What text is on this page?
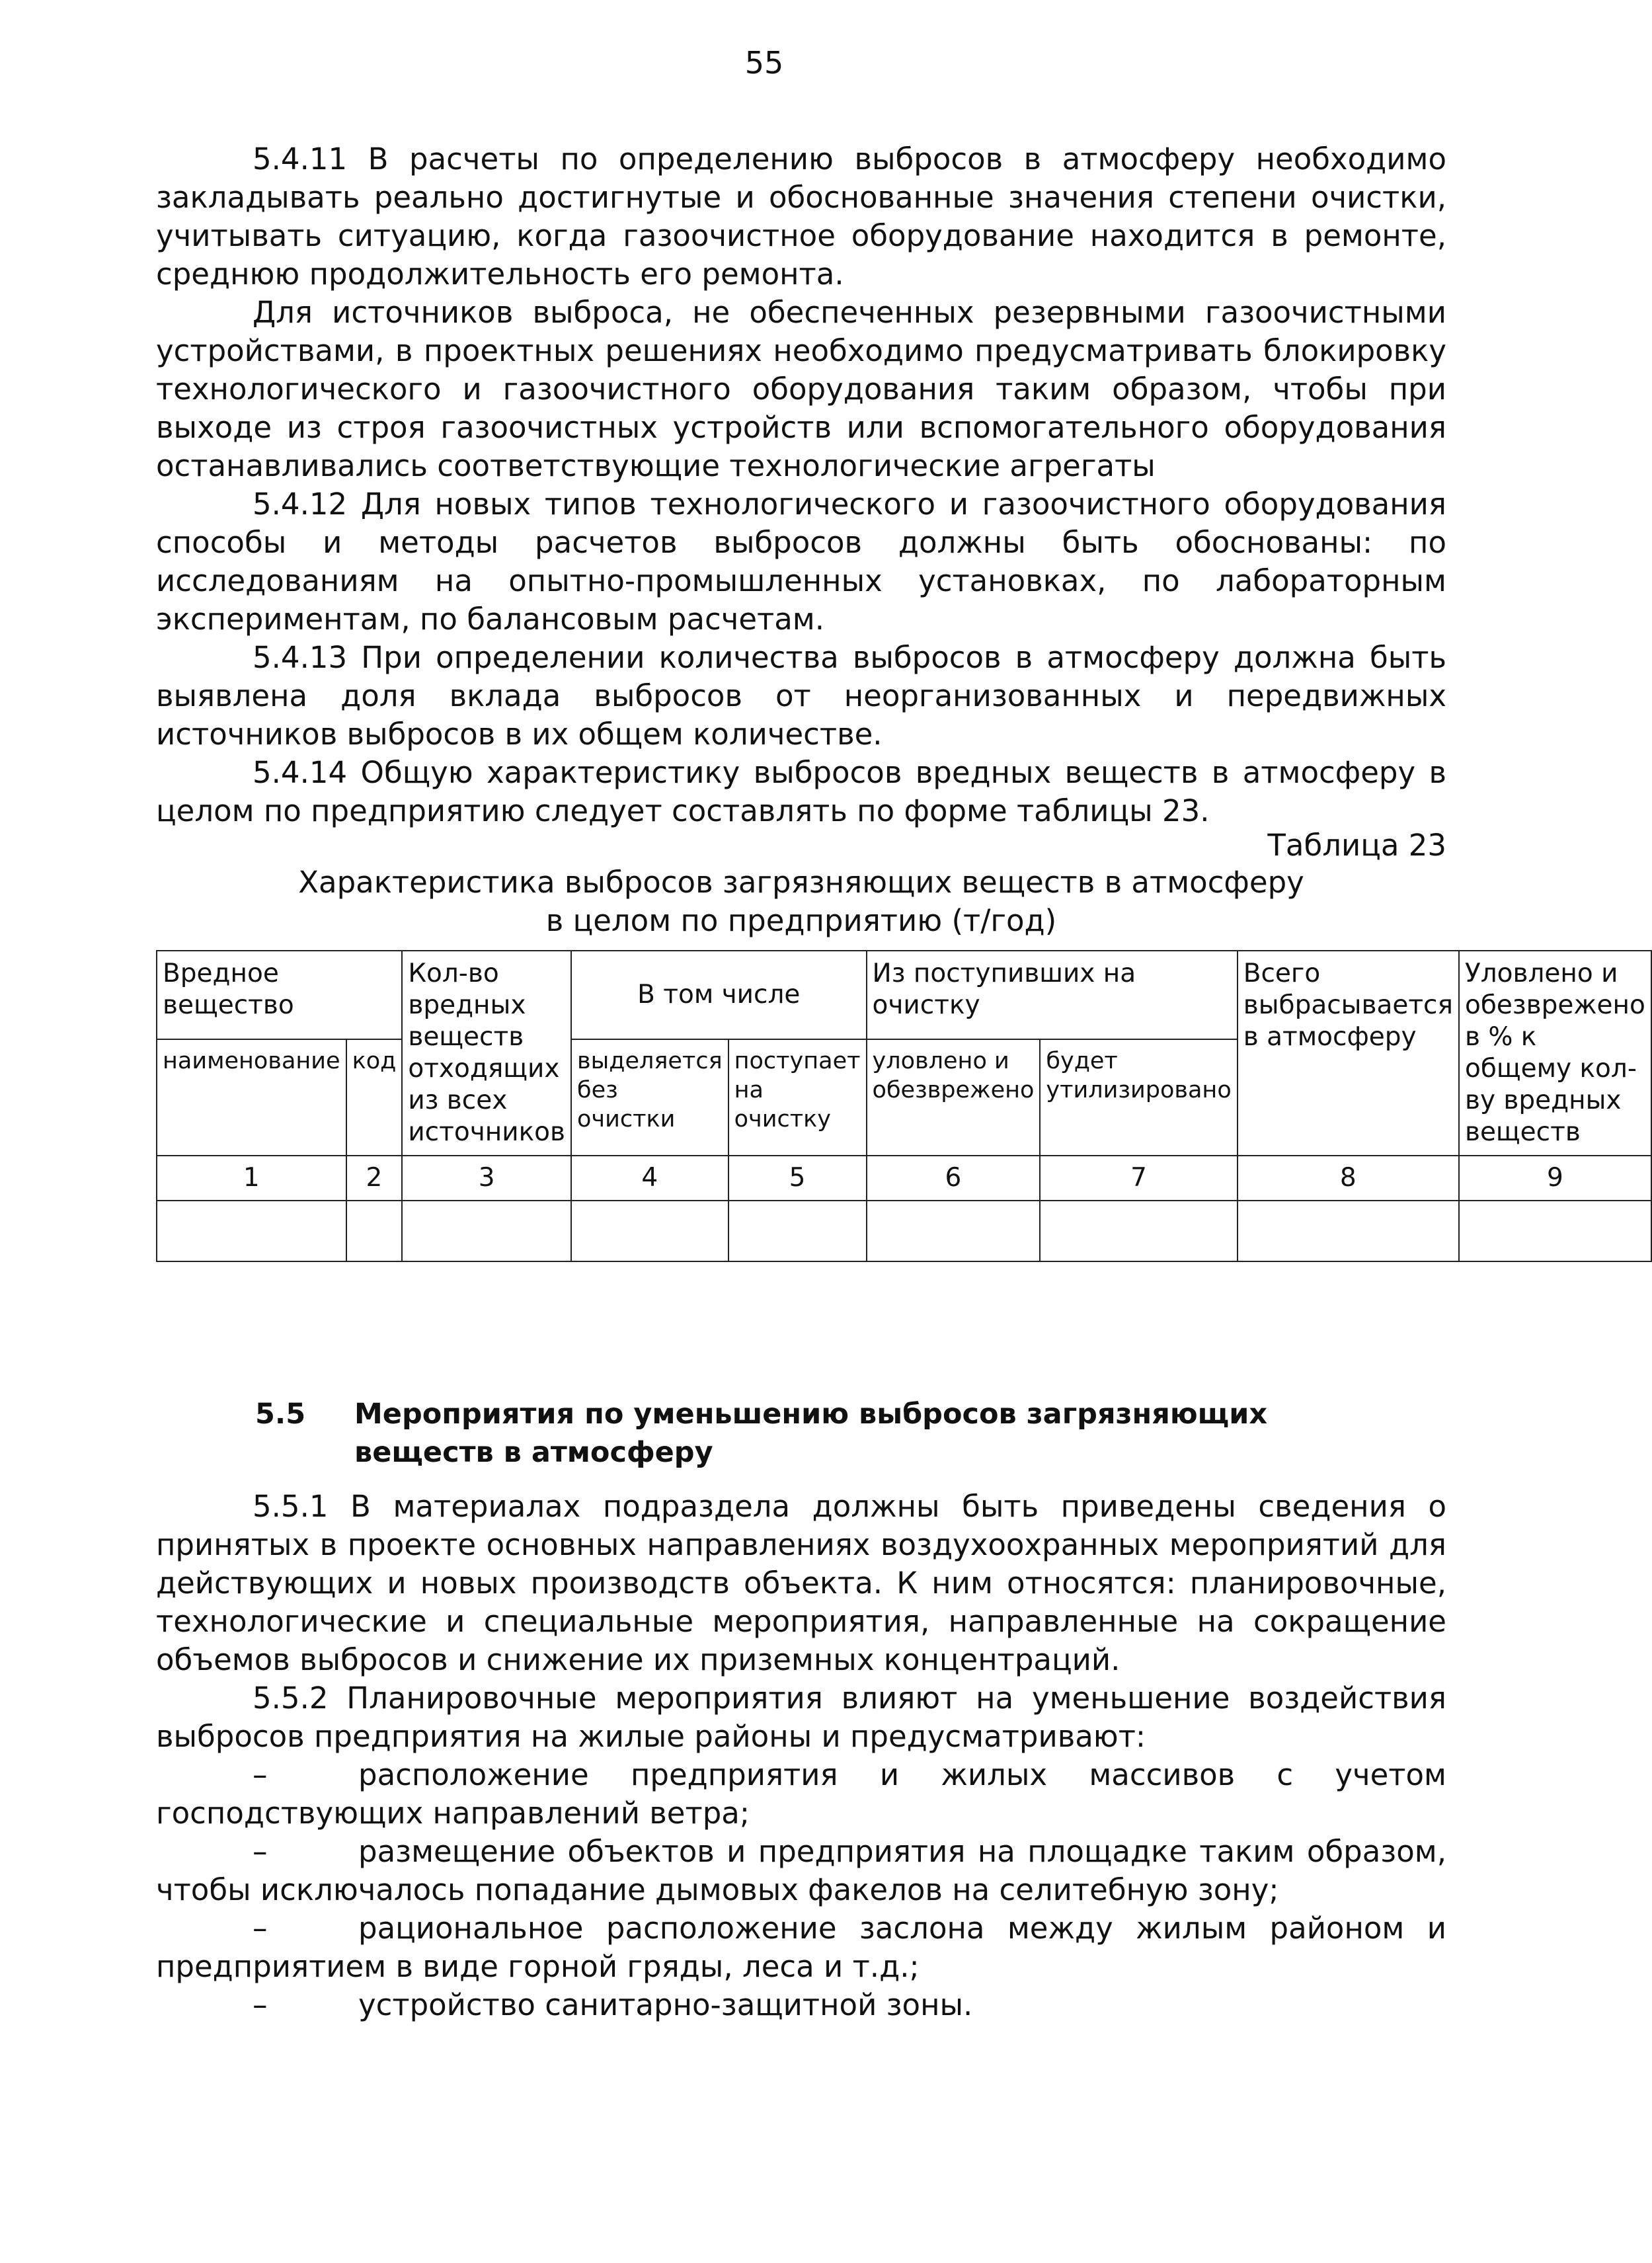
55

5.4.11 В расчеты по определению выбросов в атмосферу необходимо закладывать реально достигнутые и обоснованные значения степени очистки, учитывать ситуацию, когда газоочистное оборудование находится в ремонте, среднюю продолжительность его ремонта.

Для источников выброса, не обеспеченных резервными газоочистными устройствами, в проектных решениях необходимо предусматривать блокировку технологического и газоочистного оборудования таким образом, чтобы при выходе из строя газоочистных устройств или вспомогательного оборудования останавливались соответствующие технологические агрегаты

5.4.12 Для новых типов технологического и газоочистного оборудования способы и методы расчетов выбросов должны быть обоснованы: по исследованиям на опытно-промышленных установках, по лабораторным экспериментам, по балансовым расчетам.

5.4.13 При определении количества выбросов в атмосферу должна быть выявлена доля вклада выбросов от неорганизованных и передвижных источников выбросов в их общем количестве.

5.4.14 Общую характеристику выбросов вредных веществ в атмосферу в целом по предприятию следует составлять по форме таблицы 23.

Таблица 23
Характеристика выбросов загрязняющих веществ в атмосферу
в целом по предприятию (т/год)
Вредное вещество		Кол-во вредных веществ отходящих из всех источников	В том числе		Из поступивших на очистку		Всего выбрасывается в атмосферу	Уловлено и обезврежено в % к общему кол-ву вредных веществ
наименование	код		выделяется без очистки	поступает на очистку	уловлено и обезврежено	будет утилизировано		
1	2	3	4	5	6	7	8	9

5.5 Мероприятия по уменьшению выбросов загрязняющих веществ в атмосферу

5.5.1 В материалах подраздела должны быть приведены сведения о принятых в проекте основных направлениях воздухоохранных мероприятий для действующих и новых производств объекта. К ним относятся: планировочные, технологические и специальные мероприятия, направленные на сокращение объемов выбросов и снижение их приземных концентраций.

5.5.2 Планировочные мероприятия влияют на уменьшение воздействия выбросов предприятия на жилые районы и предусматривают:

–	расположение предприятия и жилых массивов с учетом господствующих направлений ветра;
–	размещение объектов и предприятия на площадке таким образом, чтобы исключалось попадание дымовых факелов на селитебную зону;
–	рациональное расположение заслона между жилым районом и предприятием в виде горной гряды, леса и т.д.;
–	устройство санитарно-защитной зоны.
